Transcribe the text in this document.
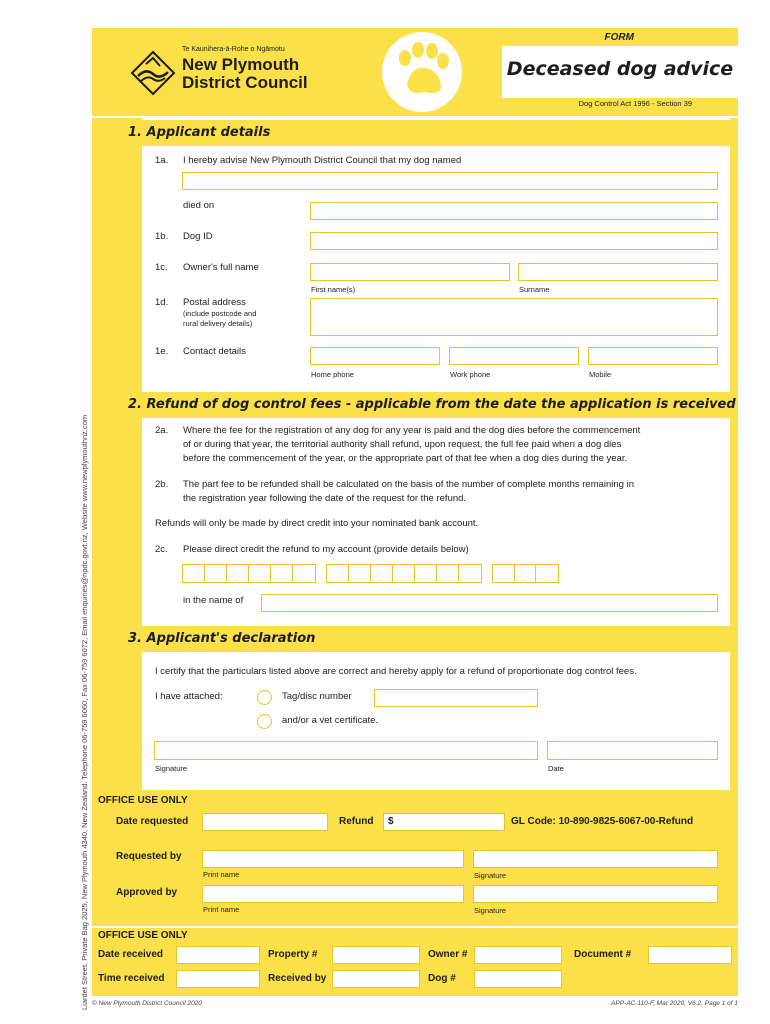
Te Kaunihera-ā-Rohe o Ngāmotu
New Plymouth
District Council
FORM
Deceased dog advice
Dog Control Act 1996 - Section 39
Liardet Street, Private Bag 2025, New Plymouth 4340, New Zealand. Telephone 06-759 6060, Fax 06-759 6072, Email enquiries@npdc.govt.nz, Website www.newplymouthnz.com
1. Applicant details
1a. I hereby advise New Plymouth District Council that my dog named
died on
1b. Dog ID
1c. Owner's full name
First name(s)	Surname
1d. Postal address
(include postcode and
rural delivery details)
1e. Contact details
Home phone	Work phone	Mobile
2. Refund of dog control fees - applicable from the date the application is received
2a. Where the fee for the registration of any dog for any year is paid and the dog dies before the commencement
of or during that year, the territorial authority shall refund, upon request, the full fee paid when a dog dies
before the commencement of the year, or the appropriate part of that fee when a dog dies during the year.
2b. The part fee to be refunded shall be calculated on the basis of the number of complete months remaining in
the registration year following the date of the request for the refund.
Refunds will only be made by direct credit into your nominated bank account.
2c. Please direct credit the refund to my account (provide details below)
in the name of
3. Applicant's declaration
I certify that the particulars listed above are correct and hereby apply for a refund of proportionate dog control fees.
I have attached:	Tag/disc number
and/or a vet certificate.
Signature	Date
OFFICE USE ONLY
Date requested	Refund $	GL Code: 10-890-9825-6067-00-Refund
Requested by
Print name	Signature
Approved by
Print name	Signature
OFFICE USE ONLY
Date received	Property #	Owner #	Document #
Time received	Received by	Dog #
© New Plymouth District Council 2020	APP-AC-110-F, Mar 2020, V6.2, Page 1 of 1
